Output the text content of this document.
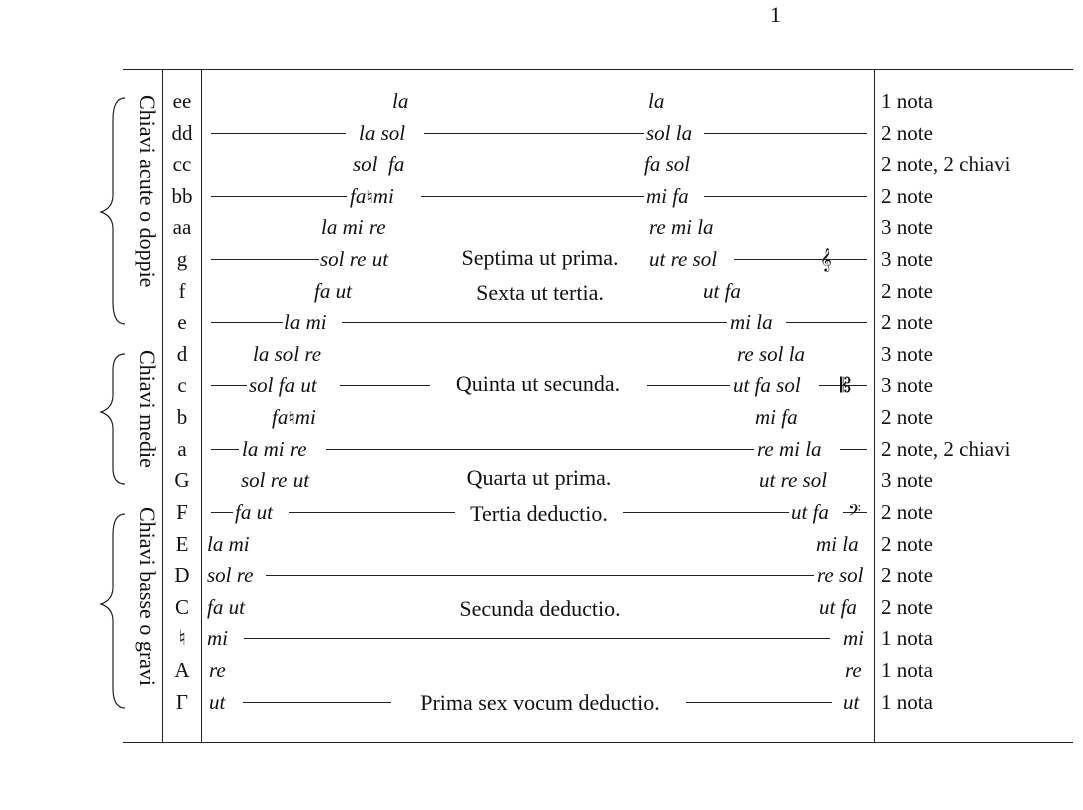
1
Chiavi acute o doppie
Chiavi medie
Chiavi basse o gravi
ee
dd
cc
bb
aa
g
f
e
d
c
b
a
G
F
E
D
C
♮
A
Γ
1 nota
2 note
2 note, 2 chiavi
2 note
3 note
3 note
2 note
2 note
3 note
3 note
2 note
2 note, 2 chiavi
3 note
2 note
2 note
2 note
2 note
1 nota
1 nota
1 nota
la
la sol
sol  fa
fa♮mi
la mi re
sol re ut
fa ut
la mi
la sol re
sol fa ut
fa♮mi
la mi re
sol re ut
fa ut
la mi
sol re
fa ut
mi
re
ut
la
sol la
fa sol
mi fa
re mi la
ut re sol
ut fa
mi la
re sol la
ut fa sol
mi fa
re mi la
ut re sol
ut fa
mi la
re sol
ut fa
mi
re
ut
𝄞
𝄡
𝄢
Septima ut prima.
Sexta ut tertia.
Quinta ut secunda.
Quarta ut prima.
Tertia deductio.
Secunda deductio.
Prima sex vocum deductio.
